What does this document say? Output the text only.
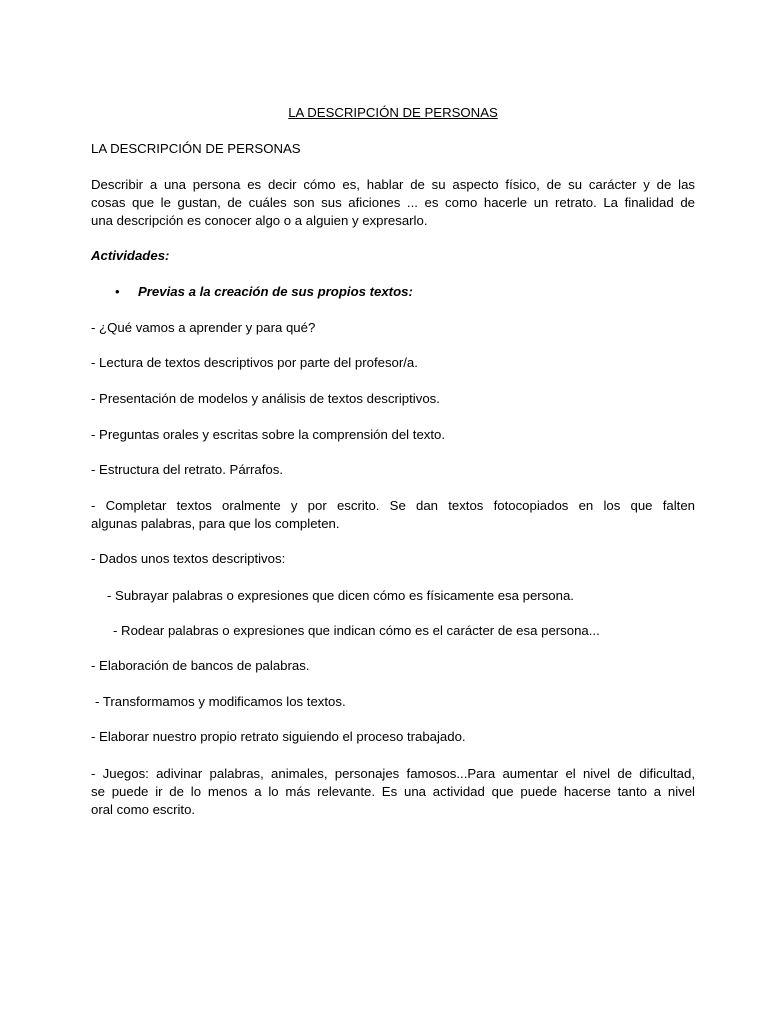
LA DESCRIPCIÓN DE PERSONAS
LA DESCRIPCIÓN DE PERSONAS
Describir a una persona es decir cómo es, hablar de su aspecto físico, de su carácter y de las
cosas que le gustan, de cuáles son sus aficiones ... es como hacerle un retrato. La finalidad de
una descripción es conocer algo o a alguien y expresarlo.
Actividades:
• Previas a la creación de sus propios textos:
- ¿Qué vamos a aprender y para qué?
- Lectura de textos descriptivos por parte del profesor/a.
- Presentación de modelos y análisis de textos descriptivos.
- Preguntas orales y escritas sobre la comprensión del texto.
- Estructura del retrato. Párrafos.
- Completar textos oralmente y por escrito. Se dan textos fotocopiados en los que falten
algunas palabras, para que los completen.
- Dados unos textos descriptivos:
- Subrayar palabras o expresiones que dicen cómo es físicamente esa persona.
- Rodear palabras o expresiones que indican cómo es el carácter de esa persona...
- Elaboración de bancos de palabras.
- Transformamos y modificamos los textos.
- Elaborar nuestro propio retrato siguiendo el proceso trabajado.
- Juegos: adivinar palabras, animales, personajes famosos...Para aumentar el nivel de dificultad,
se puede ir de lo menos a lo más relevante. Es una actividad que puede hacerse tanto a nivel
oral como escrito.
